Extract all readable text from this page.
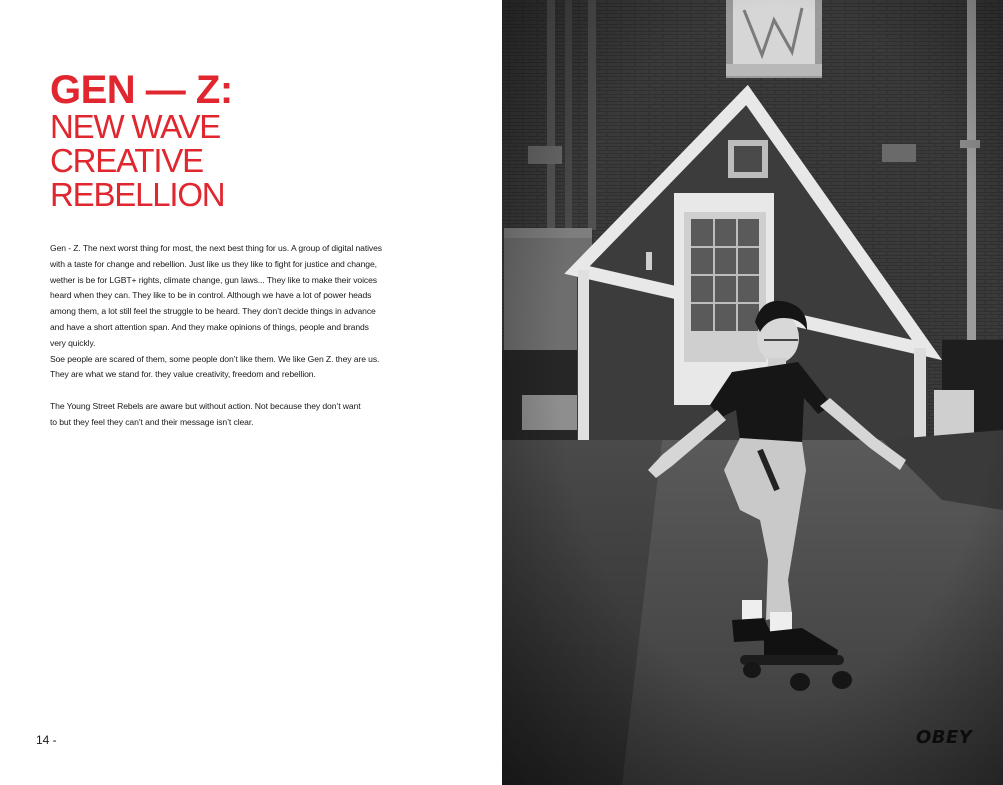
GEN — Z:
NEW WAVE
CREATIVE
REBELLION
Gen - Z. The next worst thing for most, the next best thing for us. A group of digital natives
with a taste for change and rebellion. Just like us they like to fight for justice and change,
wether is be for LGBT+ rights, climate change, gun laws... They like to make their voices
heard when they can. They like to be in control. Although we have a lot of power heads
among them, a lot still feel the struggle to be heard. They don’t decide things in advance
and have a short attention span. And they make opinions of things, people and brands
very quickly.
Soe people are scared of them, some people don’t like them. We like Gen Z. they are us.
They are what we stand for. they value creativity, freedom and rebellion.
The Young Street Rebels are aware but without action. Not because they don’t want
to but they feel they can’t and their message isn’t clear.
14 -	OBEY
